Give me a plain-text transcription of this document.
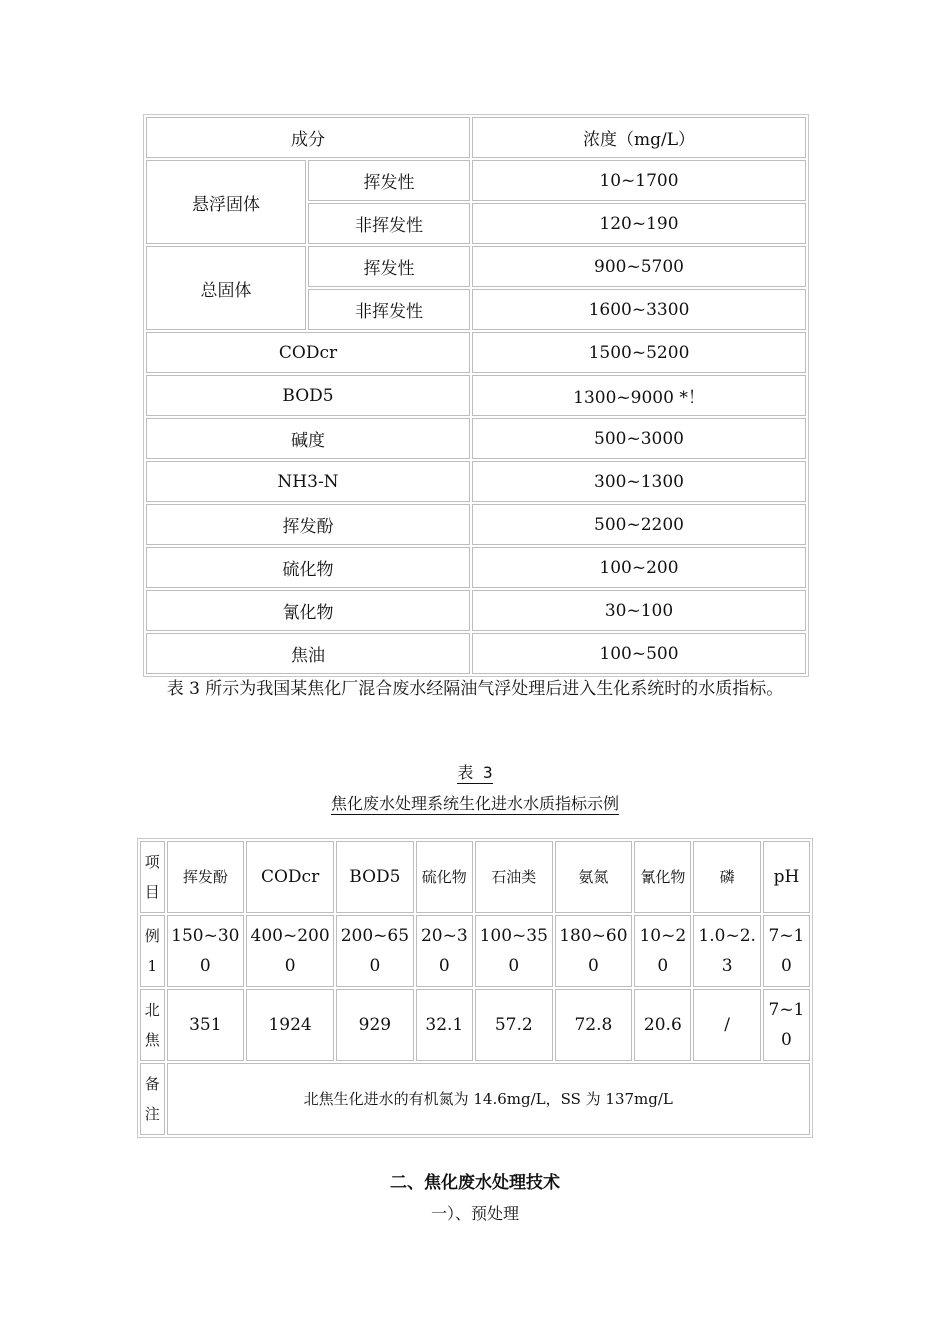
成分		浓度（mg/L）
悬浮固体	挥发性	10~1700
	非挥发性	120~190
总固体	挥发性	900~5700
	非挥发性	1600~3300
CODcr		1500~5200
BOD5		1300~9000 *！
碱度		500~3000
NH3-N		300~1300
挥发酚		500~2200
硫化物		100~200
氰化物		30~100
焦油		100~500
表 3 所示为我国某焦化厂混合废水经隔油气浮处理后进入生化系统时的水质指标。
表 3
焦化废水处理系统生化进水水质指标示例
项目	挥发酚	CODcr	BOD5	硫化物	石油类	氨氮	氰化物	磷	pH
例 1	150~300	400~2000	200~650	20~30	100~350	180~600	10~20	1.0~2.3	7~10
北焦	351	1924	929	32.1	57.2	72.8	20.6	/	7~10
备注	北焦生化进水的有机氮为 14.6mg/L，SS 为 137mg/L								
二、焦化废水处理技术
一）、预处理
